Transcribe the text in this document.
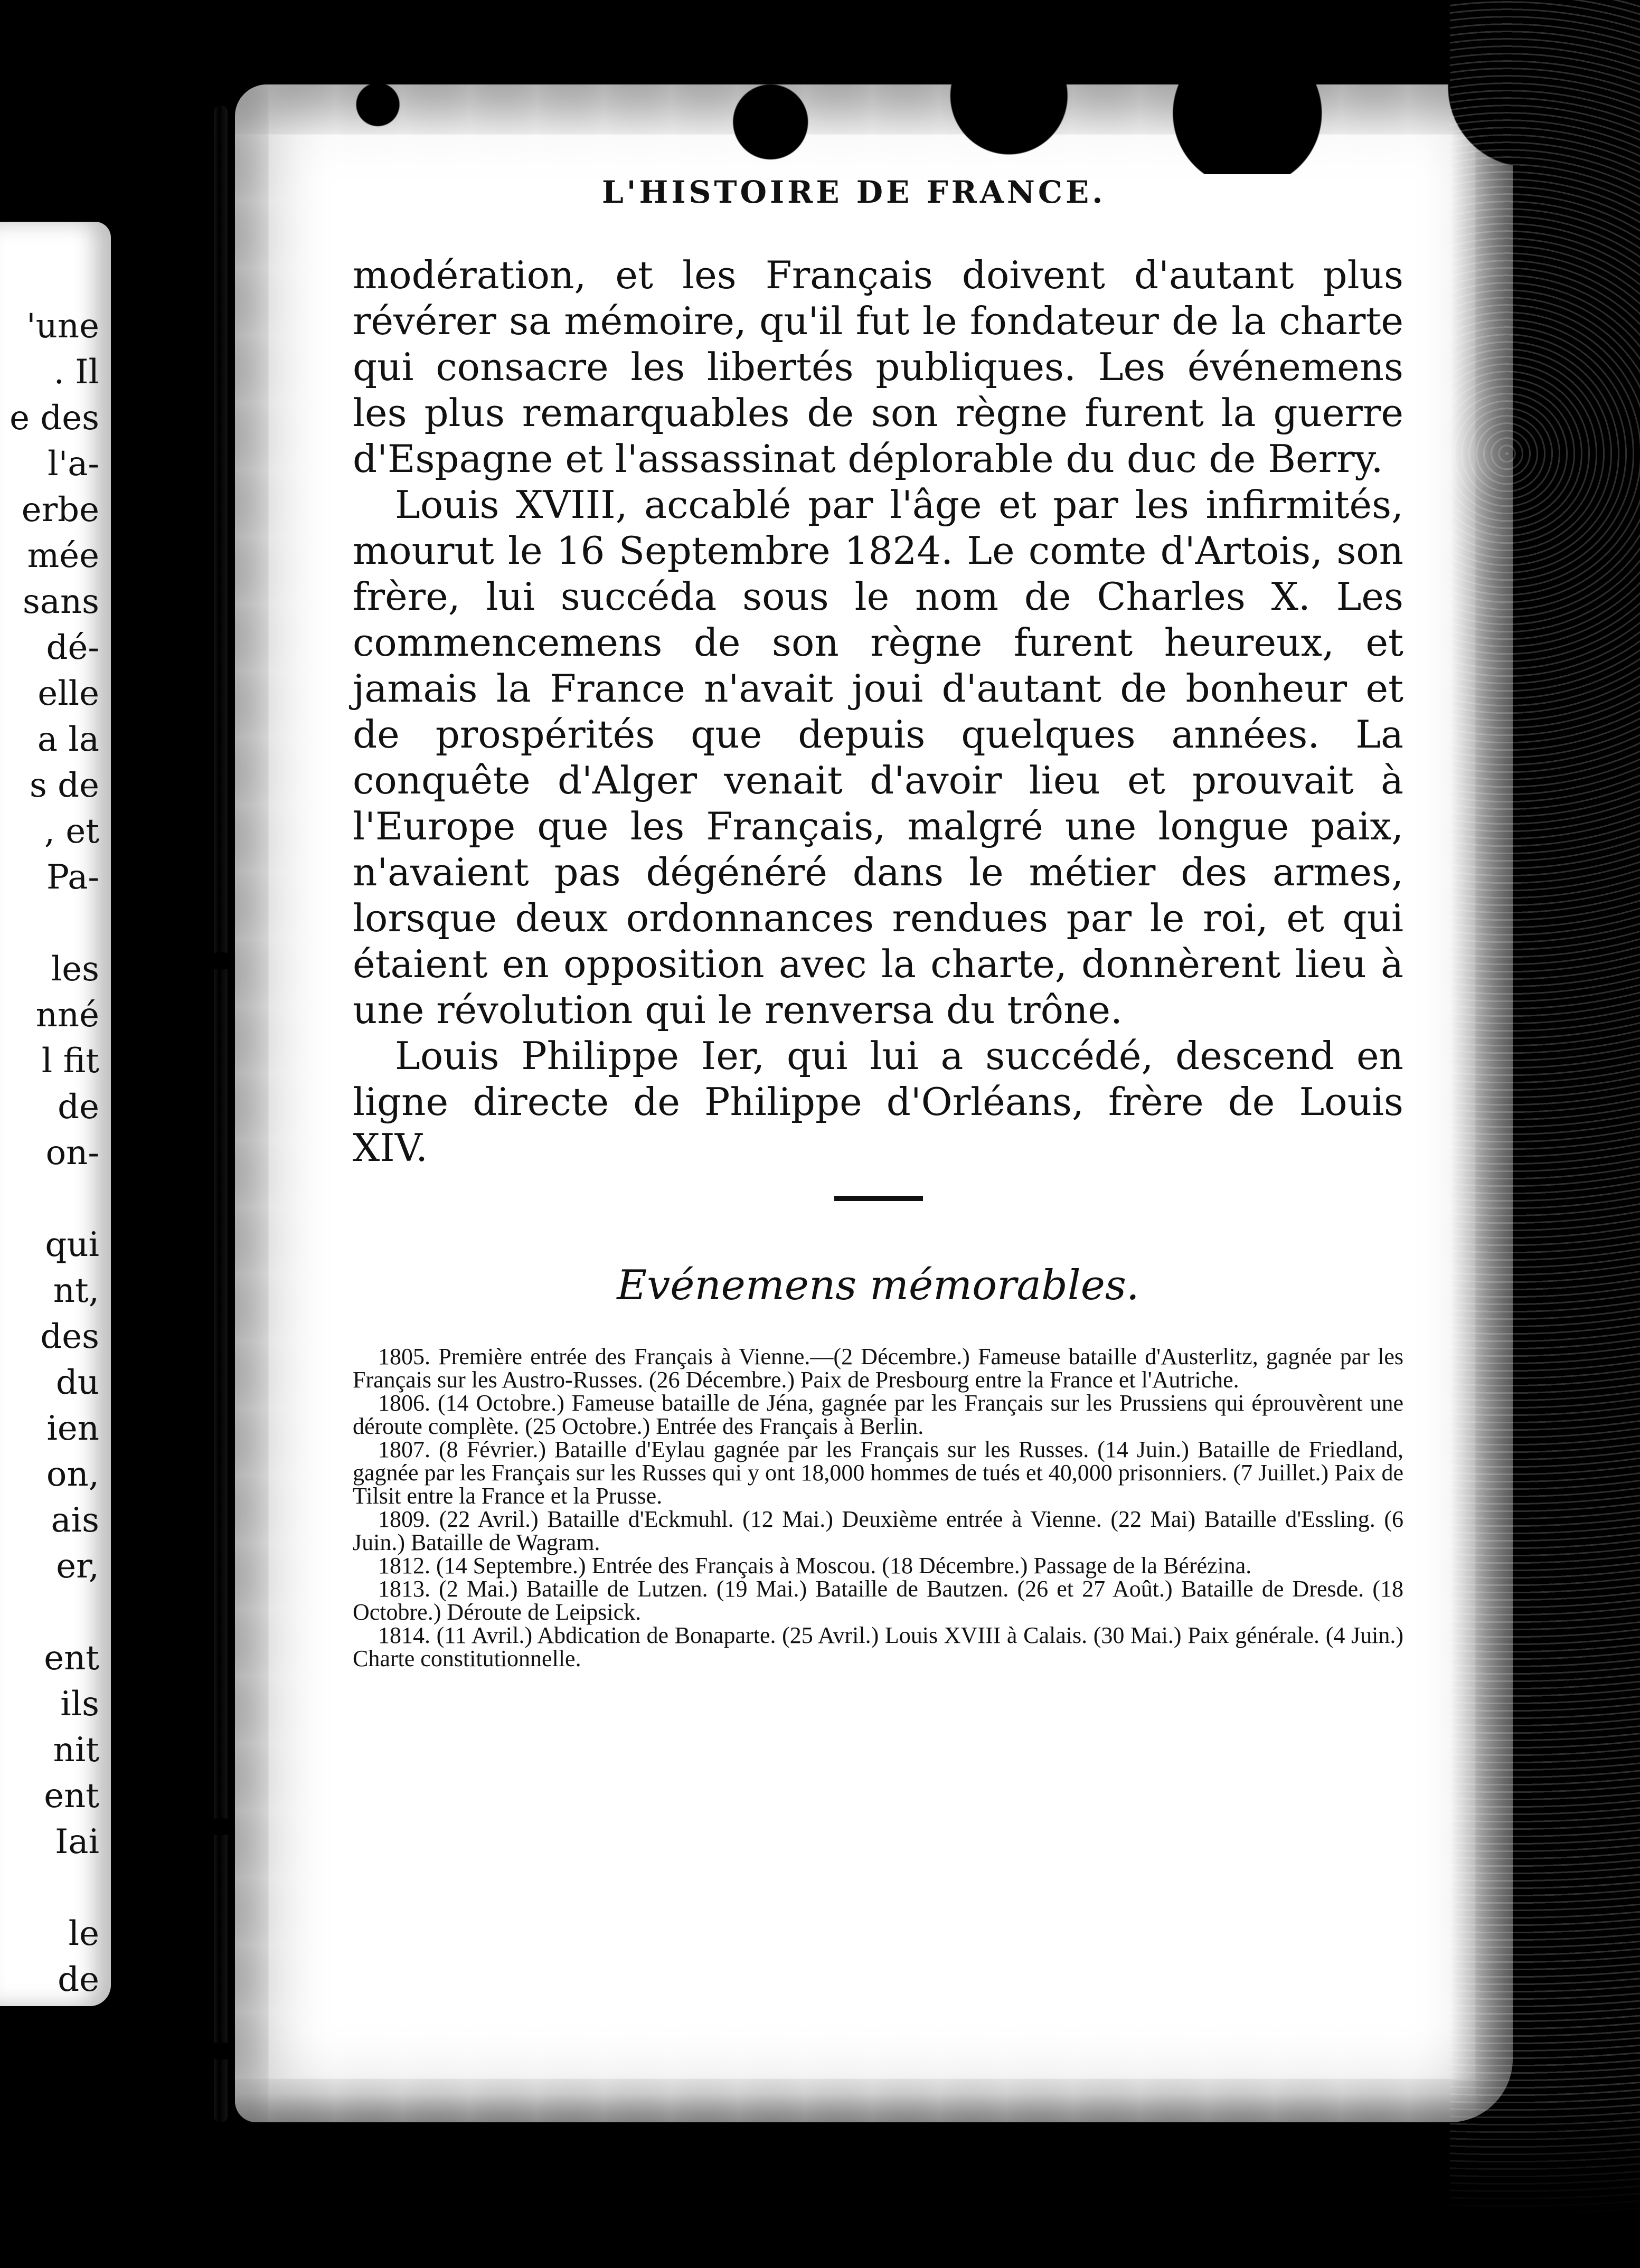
'une
. Il
e des
l'a-
erbe
mée
sans
dé-
elle
a la
s de
, et
Pa-
les
nné
l fit
de
on-
qui
nt,
des
du
ien
on,
ais
er,
ent
ils
nit
ent
Iai
le
de
L'HISTOIRE DE FRANCE.

modération, et les Français doivent d'autant plus révérer sa mémoire, qu'il fut le fondateur de la charte qui consacre les libertés publiques. Les événemens les plus remarquables de son règne furent la guerre d'Espagne et l'assassinat déplorable du duc de Berry.

Louis XVIII, accablé par l'âge et par les infirmités, mourut le 16 Septembre 1824. Le comte d'Artois, son frère, lui succéda sous le nom de Charles X. Les commencemens de son règne furent heureux, et jamais la France n'avait joui d'autant de bonheur et de prospérités que depuis quelques années. La conquête d'Alger venait d'avoir lieu et prouvait à l'Europe que les Français, malgré une longue paix, n'avaient pas dégénéré dans le métier des armes, lorsque deux ordonnances rendues par le roi, et qui étaient en opposition avec la charte, donnèrent lieu à une révolution qui le renversa du trône.

Louis Philippe Ier, qui lui a succédé, descend en ligne directe de Philippe d'Orléans, frère de Louis XIV.

Evénemens mémorables.

1805. Première entrée des Français à Vienne.—(2 Décembre.) Fameuse bataille d'Austerlitz, gagnée par les Français sur les Austro-Russes. (26 Décembre.) Paix de Presbourg entre la France et l'Autriche.

1806. (14 Octobre.) Fameuse bataille de Jéna, gagnée par les Français sur les Prussiens qui éprouvèrent une déroute complète. (25 Octobre.) Entrée des Français à Berlin.

1807. (8 Février.) Bataille d'Eylau gagnée par les Français sur les Russes. (14 Juin.) Bataille de Friedland, gagnée par les Français sur les Russes qui y ont 18,000 hommes de tués et 40,000 prisonniers. (7 Juillet.) Paix de Tilsit entre la France et la Prusse.

1809. (22 Avril.) Bataille d'Eckmuhl. (12 Mai.) Deuxième entrée à Vienne. (22 Mai) Bataille d'Essling. (6 Juin.) Bataille de Wagram.

1812. (14 Septembre.) Entrée des Français à Moscou. (18 Décembre.) Passage de la Bérézina.

1813. (2 Mai.) Bataille de Lutzen. (19 Mai.) Bataille de Bautzen. (26 et 27 Août.) Bataille de Dresde. (18 Octobre.) Déroute de Leipsick.

1814. (11 Avril.) Abdication de Bonaparte. (25 Avril.) Louis XVIII à Calais. (30 Mai.) Paix générale. (4 Juin.) Charte constitutionnelle.
